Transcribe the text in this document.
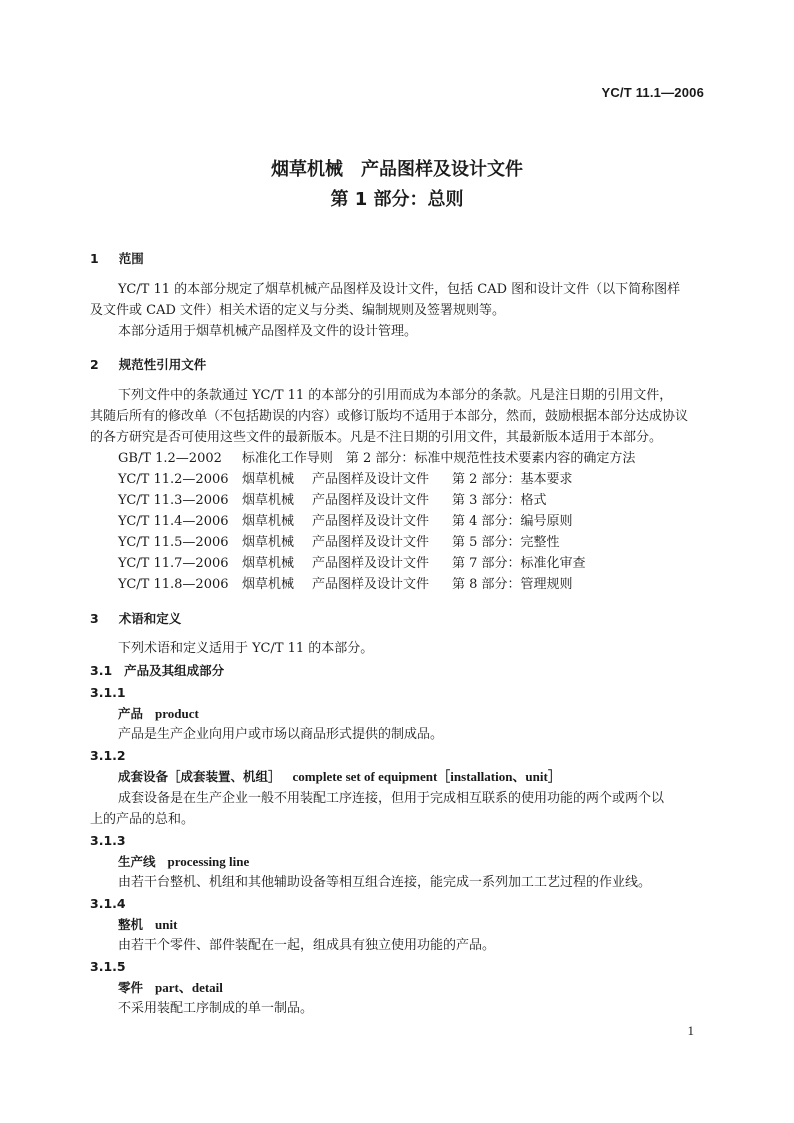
YC/T 11.1—2006
烟草机械　产品图样及设计文件
第 1 部分：总则
1 范围
YC/T 11 的本部分规定了烟草机械产品图样及设计文件，包括 CAD 图和设计文件（以下简称图样
及文件或 CAD 文件）相关术语的定义与分类、编制规则及签署规则等。
本部分适用于烟草机械产品图样及文件的设计管理。
2 规范性引用文件
下列文件中的条款通过 YC/T 11 的本部分的引用而成为本部分的条款。凡是注日期的引用文件，
其随后所有的修改单（不包括勘误的内容）或修订版均不适用于本部分，然而，鼓励根据本部分达成协议
的各方研究是否可使用这些文件的最新版本。凡是不注日期的引用文件，其最新版本适用于本部分。
GB/T 1.2—2002 标准化工作导则　第 2 部分：标准中规范性技术要素内容的确定方法
YC/T 11.2—2006 烟草机械 产品图样及设计文件 第 2 部分：基本要求
YC/T 11.3—2006 烟草机械 产品图样及设计文件 第 3 部分：格式
YC/T 11.4—2006 烟草机械 产品图样及设计文件 第 4 部分：编号原则
YC/T 11.5—2006 烟草机械 产品图样及设计文件 第 5 部分：完整性
YC/T 11.7—2006 烟草机械 产品图样及设计文件 第 7 部分：标准化审查
YC/T 11.8—2006 烟草机械 产品图样及设计文件 第 8 部分：管理规则
3 术语和定义
下列术语和定义适用于 YC/T 11 的本部分。
3.1 产品及其组成部分
3.1.1
产品 product
产品是生产企业向用户或市场以商品形式提供的制成品。
3.1.2
成套设备［成套装置、机组］ complete set of equipment［installation、unit］
成套设备是在生产企业一般不用装配工序连接，但用于完成相互联系的使用功能的两个或两个以
上的产品的总和。
3.1.3
生产线 processing line
由若干台整机、机组和其他辅助设备等相互组合连接，能完成一系列加工工艺过程的作业线。
3.1.4
整机 unit
由若干个零件、部件装配在一起，组成具有独立使用功能的产品。
3.1.5
零件 part、detail
不采用装配工序制成的单一制品。
1
